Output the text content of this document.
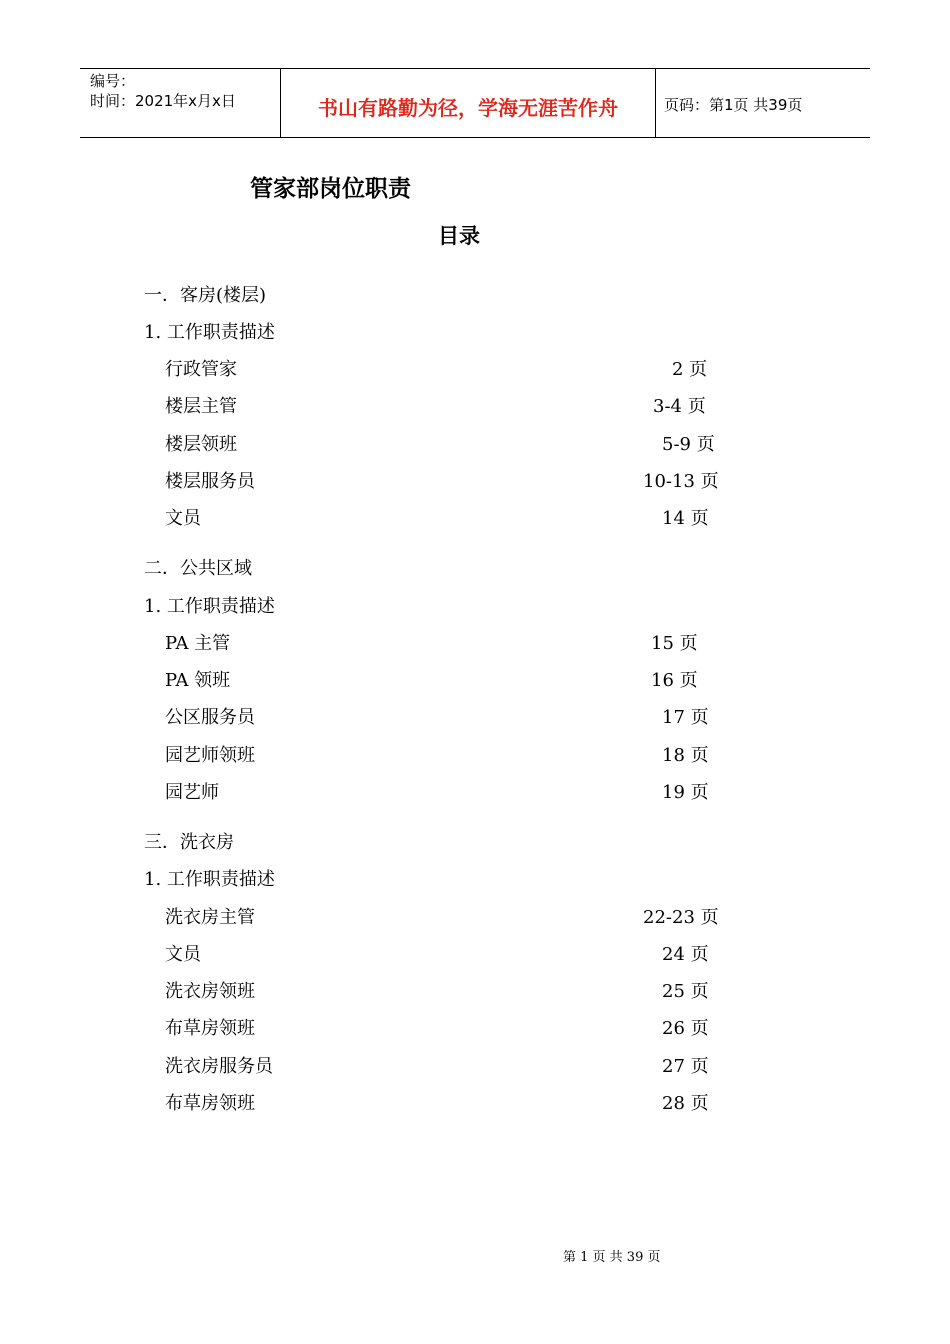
编号：
时间：2021年x月x日	书山有路勤为径，学海无涯苦作舟	页码：第1页 共39页
管家部岗位职责
目录
一．客房(楼层)
1. 工作职责描述
行政管家	2 页
楼层主管	3-4 页
楼层领班	5-9 页
楼层服务员	10-13 页
文员	14 页
二．公共区域
1. 工作职责描述
PA 主管	15 页
PA 领班	16 页
公区服务员	17 页
园艺师领班	18 页
园艺师	19 页
三．洗衣房
1. 工作职责描述
洗衣房主管	22-23 页
文员	24 页
洗衣房领班	25 页
布草房领班	26 页
洗衣房服务员	27 页
布草房领班	28 页
第 1 页 共 39 页
